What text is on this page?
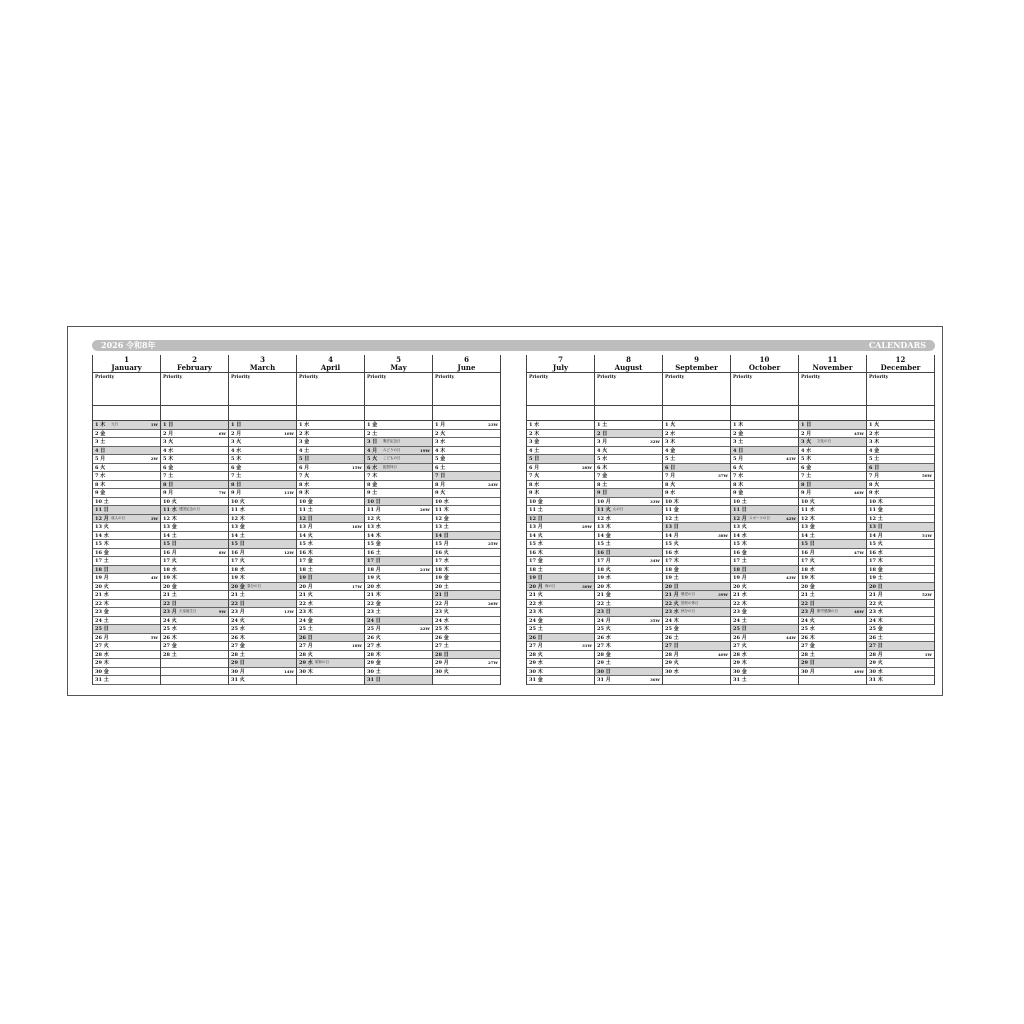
2026 令和8年	CALENDARS
1
January
Priority
1 木 元日	1W
2 金
3 土
4 日
5 月	2W
6 火
7 水
8 木
9 金
10 土
11 日
12 月 成人の日	3W
13 火
14 水
15 木
16 金
17 土
18 日
19 月	4W
20 火
21 水
22 木
23 金
24 土
25 日
26 月	5W
27 火
28 水
29 木
30 金
31 土
2
February
Priority
1 日
2 月	6W
3 火
4 水
5 木
6 金
7 土
8 日
9 月	7W
10 火
11 水 建国記念の日
12 木
13 金
14 土
15 日
16 月	8W
17 火
18 水
19 木
20 金
21 土
22 日
23 月 天皇誕生日	9W
24 火
25 水
26 木
27 金
28 土
3
March
Priority
1 日
2 月	10W
3 火
4 水
5 木
6 金
7 土
8 日
9 月	11W
10 火
11 水
12 木
13 金
14 土
15 日
16 月	12W
17 火
18 水
19 木
20 金 春分の日
21 土
22 日
23 月	13W
24 火
25 水
26 木
27 金
28 土
29 日
30 月	14W
31 火
4
April
Priority
1 水
2 木
3 金
4 土
5 日
6 月	15W
7 火
8 水
9 木
10 金
11 土
12 日
13 月	16W
14 火
15 水
16 木
17 金
18 土
19 日
20 月	17W
21 火
22 水
23 木
24 金
25 土
26 日
27 月	18W
28 火
29 水 昭和の日
30 木
5
May
Priority
1 金
2 土
3 日 憲法記念日
4 月 みどりの日	19W
5 火 こどもの日
6 水 振替休日
7 木
8 金
9 土
10 日
11 月	20W
12 火
13 水
14 木
15 金
16 土
17 日
18 月	21W
19 火
20 水
21 木
22 金
23 土
24 日
25 月	22W
26 火
27 水
28 木
29 金
30 土
31 日
6
June
Priority
1 月	23W
2 火
3 水
4 木
5 金
6 土
7 日
8 月	24W
9 火
10 水
11 木
12 金
13 土
14 日
15 月	25W
16 火
17 水
18 木
19 金
20 土
21 日
22 月	26W
23 火
24 水
25 木
26 金
27 土
28 日
29 月	27W
30 火
7
July
Priority
1 水
2 木
3 金
4 土
5 日
6 月	28W
7 火
8 水
9 木
10 金
11 土
12 日
13 月	29W
14 火
15 水
16 木
17 金
18 土
19 日
20 月 海の日	30W
21 火
22 水
23 木
24 金
25 土
26 日
27 月	31W
28 火
29 水
30 木
31 金
8
August
Priority
1 土
2 日
3 月	32W
4 火
5 水
6 木
7 金
8 土
9 日
10 月	33W
11 火 山の日
12 水
13 木
14 金
15 土
16 日
17 月	34W
18 火
19 水
20 木
21 金
22 土
23 日
24 月	35W
25 火
26 水
27 木
28 金
29 土
30 日
31 月	36W
9
September
Priority
1 火
2 水
3 木
4 金
5 土
6 日
7 月	37W
8 火
9 水
10 木
11 金
12 土
13 日
14 月	38W
15 火
16 水
17 木
18 金
19 土
20 日
21 月 敬老の日	39W
22 火 国民の休日
23 水 秋分の日
24 木
25 金
26 土
27 日
28 月	40W
29 火
30 水
10
October
Priority
1 木
2 金
3 土
4 日
5 月	41W
6 火
7 水
8 木
9 金
10 土
11 日
12 月 スポーツの日	42W
13 火
14 水
15 木
16 金
17 土
18 日
19 月	43W
20 火
21 水
22 木
23 金
24 土
25 日
26 月	44W
27 火
28 水
29 木
30 金
31 土
11
November
Priority
1 日
2 月	45W
3 火 文化の日
4 水
5 木
6 金
7 土
8 日
9 月	46W
10 火
11 水
12 木
13 金
14 土
15 日
16 月	47W
17 火
18 水
19 木
20 金
21 土
22 日
23 月 勤労感謝の日	48W
24 火
25 水
26 木
27 金
28 土
29 日
30 月	49W
12
December
Priority
1 火
2 水
3 木
4 金
5 土
6 日
7 月	50W
8 火
9 水
10 木
11 金
12 土
13 日
14 月	51W
15 火
16 水
17 木
18 金
19 土
20 日
21 月	52W
22 火
23 水
24 木
25 金
26 土
27 日
28 月	1W
29 火
30 水
31 木
